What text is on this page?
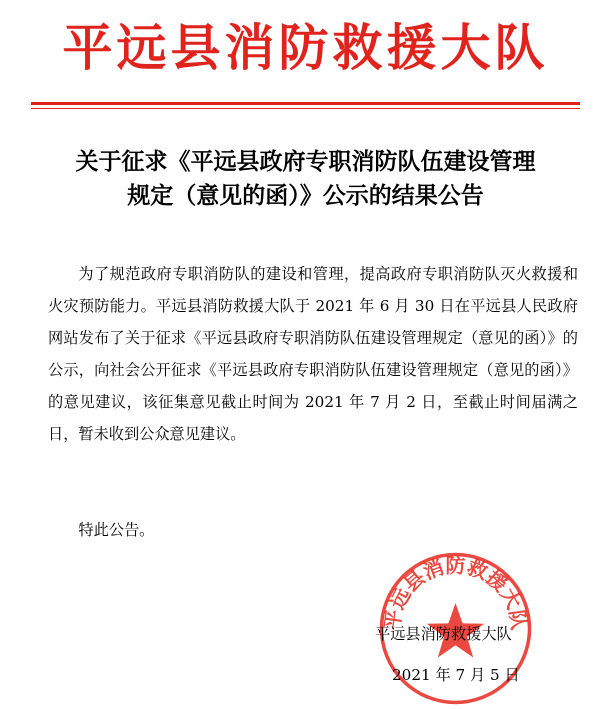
平远县消防救援大队
关于征求《平远县政府专职消防队伍建设管理
规定（意见的函）》公示的结果公告

为了规范政府专职消防队的建设和管理，提高政府专职消防队灭火救援和火灾预防能力。平远县消防救援大队于 2021 年 6 月 30 日在平远县人民政府网站发布了关于征求《平远县政府专职消防队伍建设管理规定（意见的函）》的公示，向社会公开征求《平远县政府专职消防队伍建设管理规定（意见的函）》的意见建议，该征集意见截止时间为 2021 年 7 月 2 日，至截止时间届满之日，暂未收到公众意见建议。

特此公告。
平远县消防救援大队
平远县消防救援大队
2021 年 7 月 5 日
